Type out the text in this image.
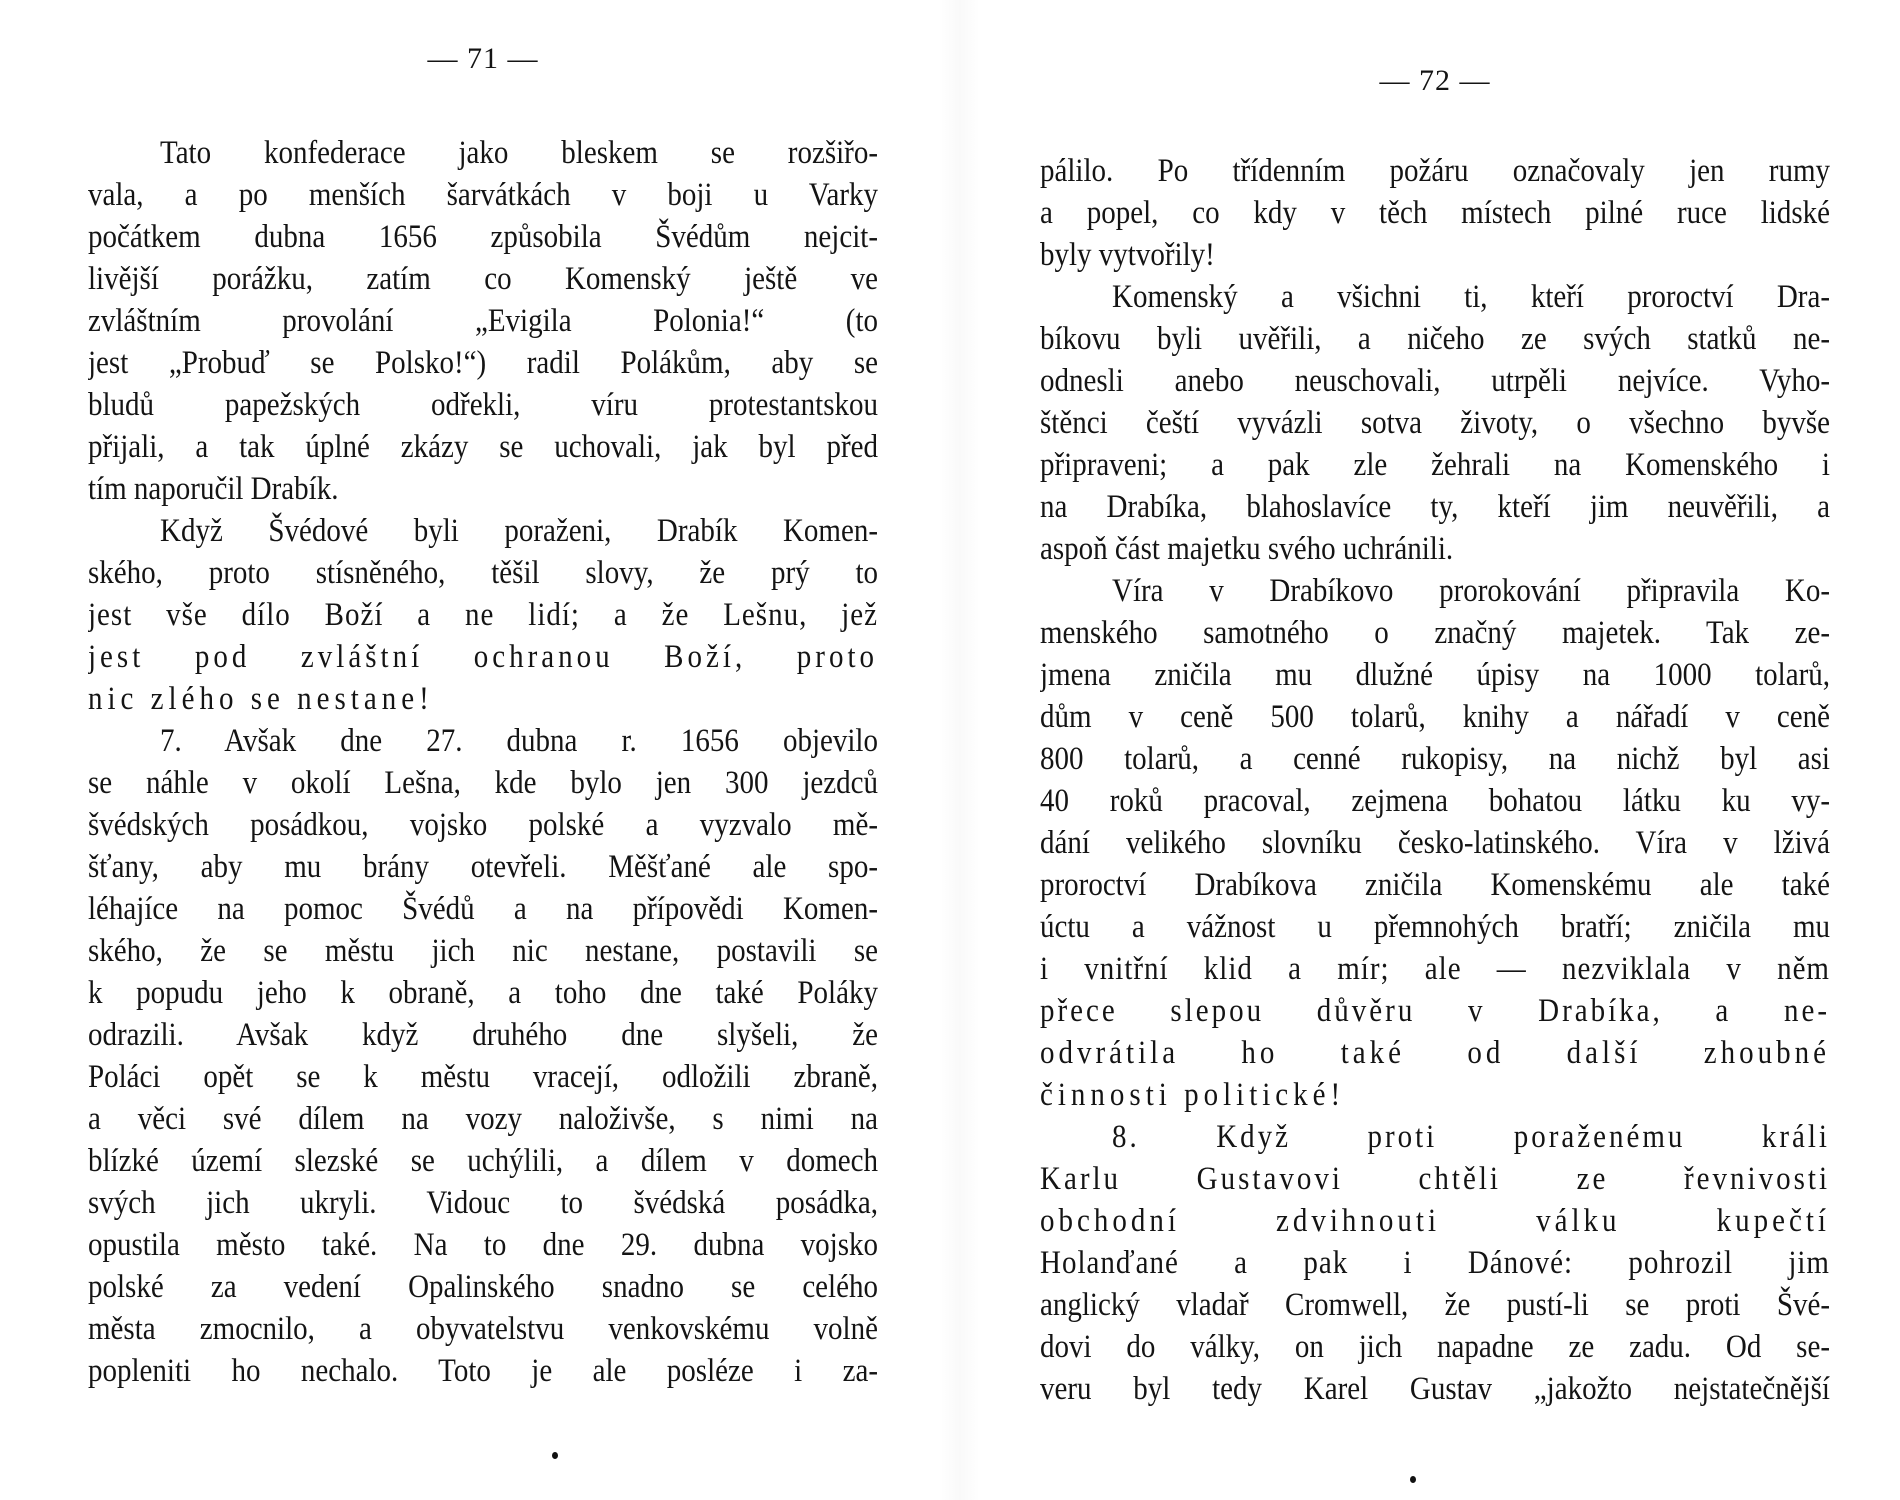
— 71 —
Tato konfederace jako bleskem se rozšiřo-
vala, a po menších šarvátkách v boji u Varky
počátkem dubna 1656 způsobila Švédům nejcit-
livější porážku, zatím co Komenský ještě ve
zvláštním provolání „Evigila Polonia!“ (to
jest „Probuď se Polsko!“) radil Polákům, aby se
bludů papežských odřekli, víru protestantskou
přijali, a tak úplné zkázy se uchovali, jak byl před
tím naporučil Drabík.
Když Švédové byli poraženi, Drabík Komen-
ského, proto stísněného, těšil slovy, že prý to
jest vše dílo Boží a ne lidí; a že Lešnu, jež
jest pod zvláštní ochranou Boží, proto
nic zlého se nestane!
7. Avšak dne 27. dubna r. 1656 objevilo
se náhle v okolí Lešna, kde bylo jen 300 jezdců
švédských posádkou, vojsko polské a vyzvalo mě-
šťany, aby mu brány otevřeli. Měšťané ale spo-
léhajíce na pomoc Švédů a na přípovědi Komen-
ského, že se městu jich nic nestane, postavili se
k popudu jeho k obraně, a toho dne také Poláky
odrazili. Avšak když druhého dne slyšeli, že
Poláci opět se k městu vracejí, odložili zbraně,
a věci své dílem na vozy naloživše, s nimi na
blízké území slezské se uchýlili, a dílem v domech
svých jich ukryli. Vidouc to švédská posádka,
opustila město také. Na to dne 29. dubna vojsko
polské za vedení Opalinského snadno se celého
města zmocnilo, a obyvatelstvu venkovskému volně
popleniti ho nechalo. Toto je ale posléze i za-
— 72 —
pálilo. Po třídenním požáru označovaly jen rumy
a popel, co kdy v těch místech pilné ruce lidské
byly vytvořily!
Komenský a všichni ti, kteří proroctví Dra-
bíkovu byli uvěřili, a ničeho ze svých statků ne-
odnesli anebo neuschovali, utrpěli nejvíce. Vyho-
štěnci čeští vyvázli sotva životy, o všechno byvše
připraveni; a pak zle žehrali na Komenského i
na Drabíka, blahoslavíce ty, kteří jim neuvěřili, a
aspoň část majetku svého uchránili.
Víra v Drabíkovo prorokování připravila Ko-
menského samotného o značný majetek. Tak ze-
jmena zničila mu dlužné úpisy na 1000 tolarů,
dům v ceně 500 tolarů, knihy a nářadí v ceně
800 tolarů, a cenné rukopisy, na nichž byl asi
40 roků pracoval, zejmena bohatou látku ku vy-
dání velikého slovníku česko-latinského. Víra v lživá
proroctví Drabíkova zničila Komenskému ale také
úctu a vážnost u přemnohých bratří; zničila mu
i vnitřní klid a mír; ale — nezviklala v něm
přece slepou důvěru v Drabíka, a ne-
odvrátila ho také od další zhoubné
činnosti politické!
8. Když proti poraženému králi
Karlu Gustavovi chtěli ze řevnivosti
obchodní zdvihnouti válku kupečtí
Holanďané a pak i Dánové: pohrozil jim
anglický vladař Cromwell, že pustí-li se proti Švé-
dovi do války, on jich napadne ze zadu. Od se-
veru byl tedy Karel Gustav „jakožto nejstatečnější
